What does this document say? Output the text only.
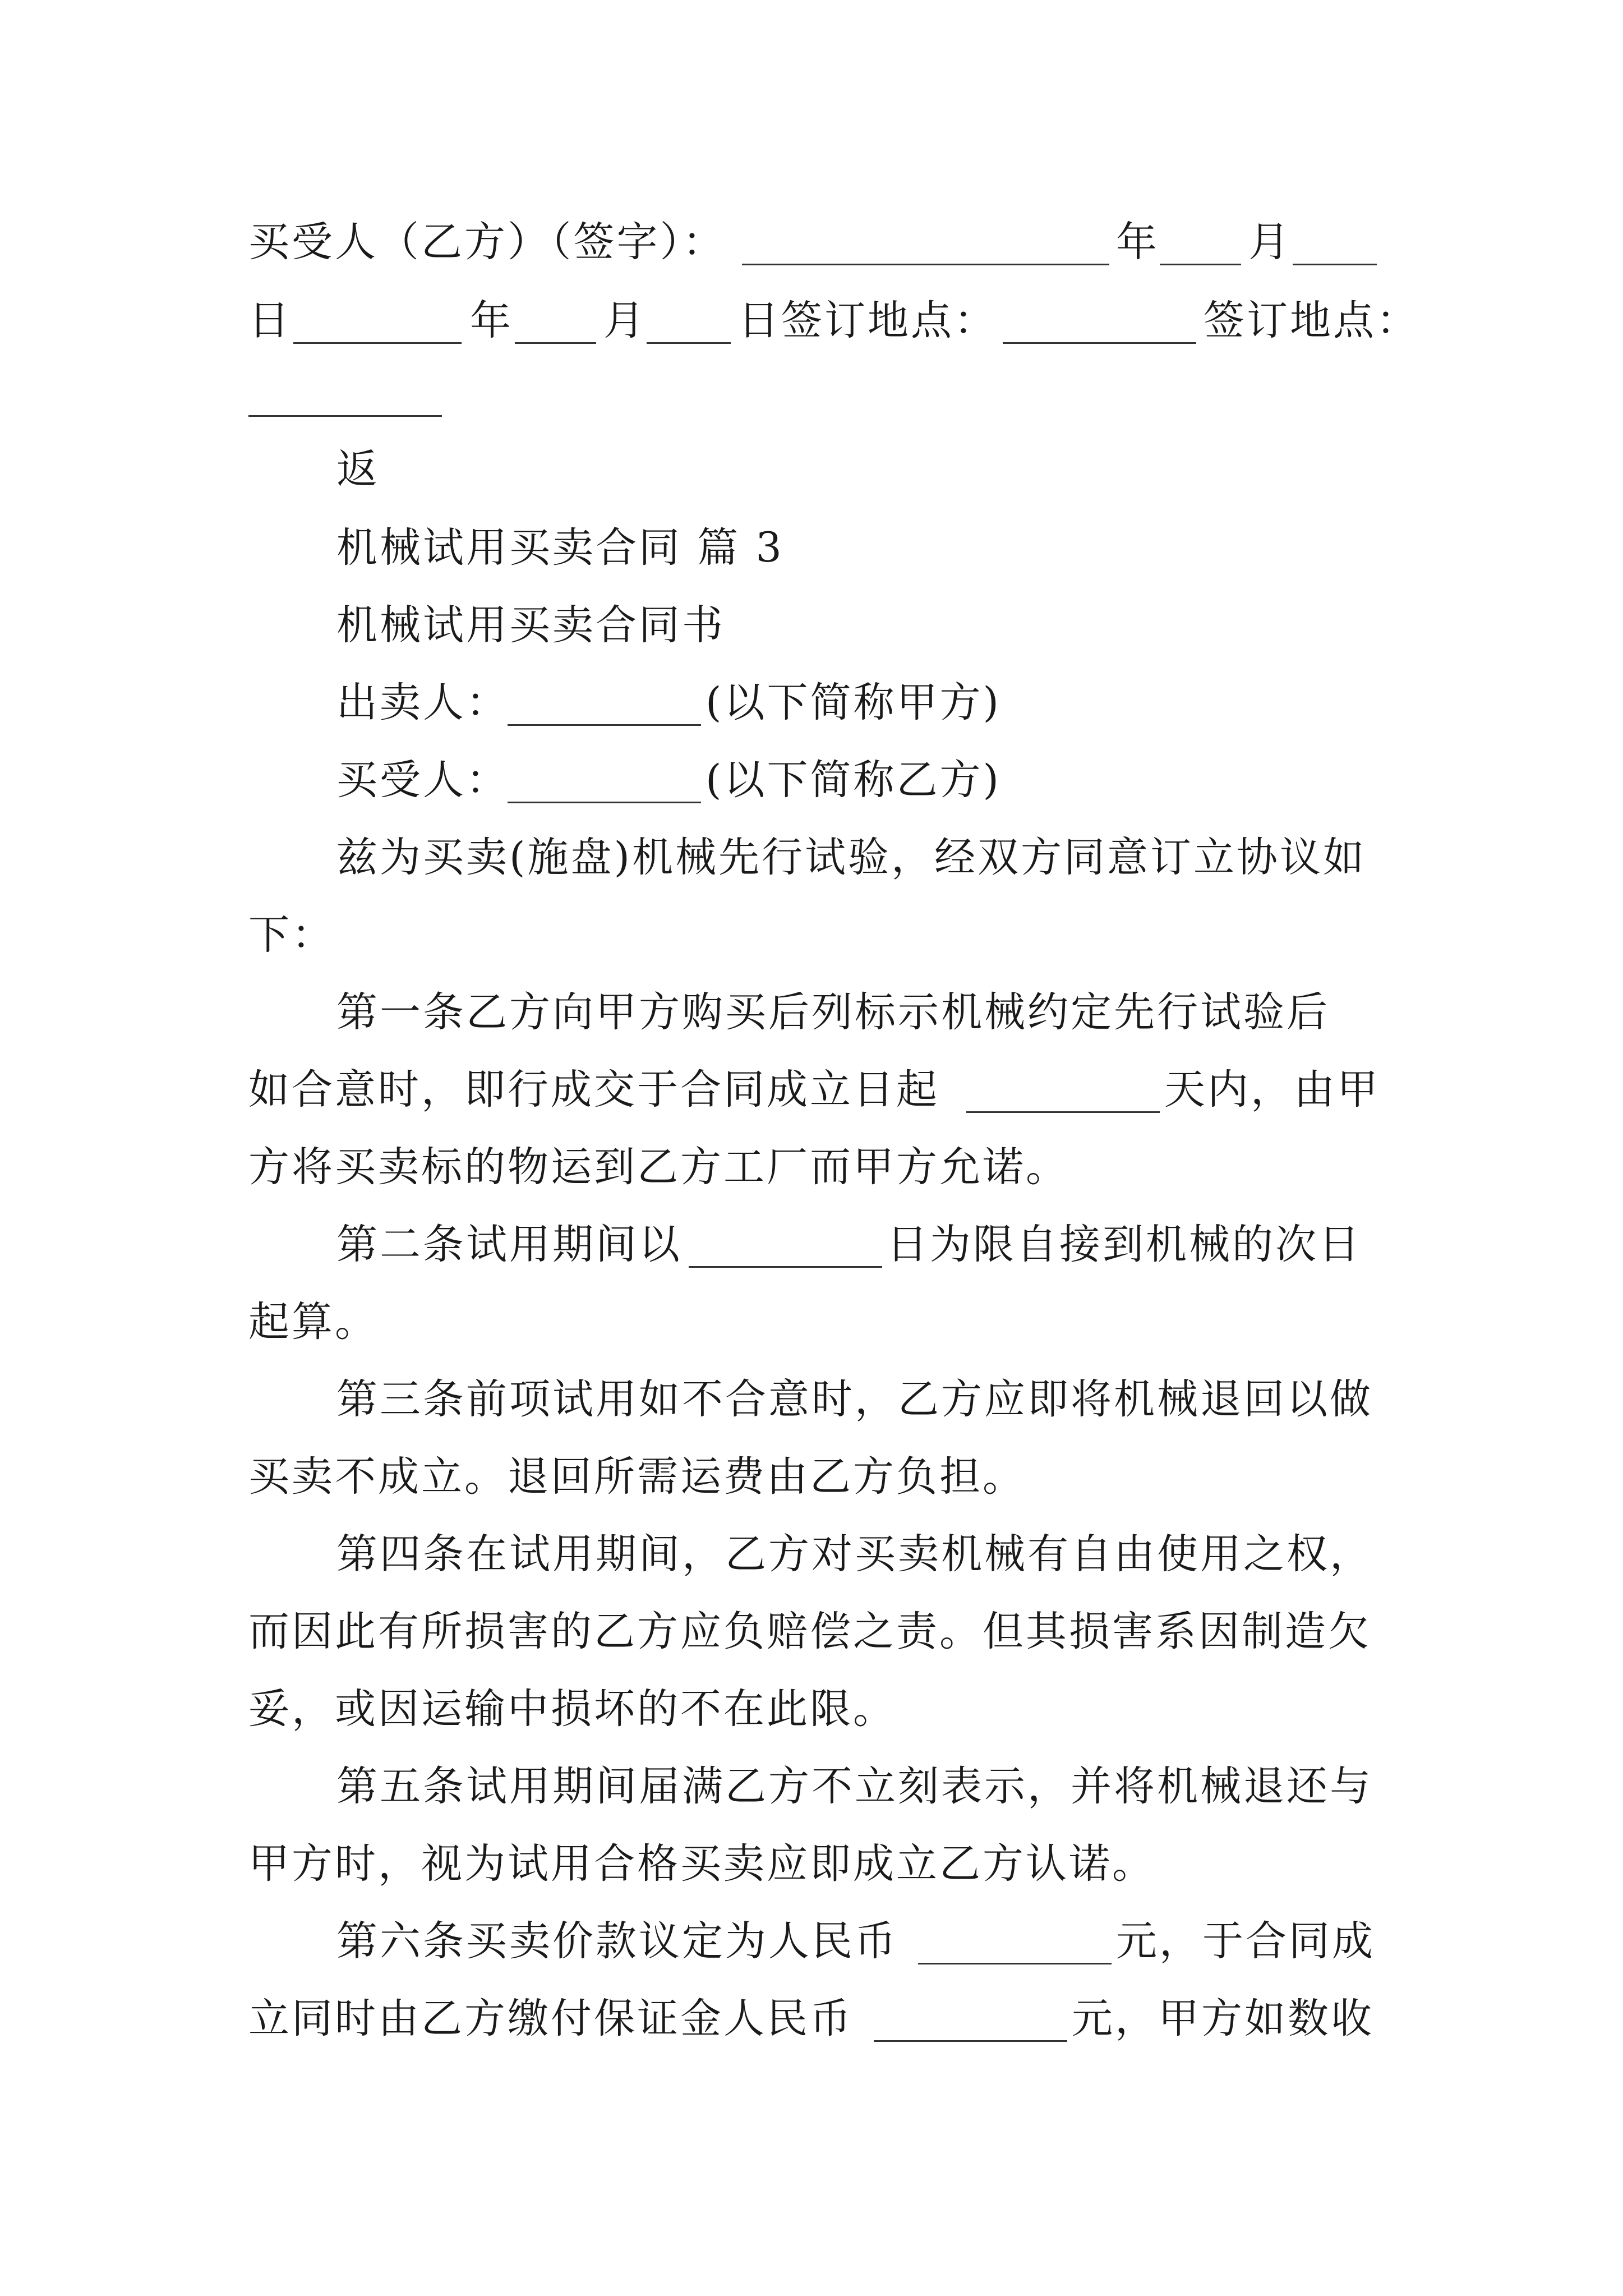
买受人（乙方）（签字）：	年 月
日	年 月 日签订地点：	签订地点：
返
机械试用买卖合同 篇 3
机械试用买卖合同书
出卖人：	(以下简称甲方)
买受人：	(以下简称乙方)
兹为买卖(施盘)机械先行试验，经双方同意订立协议如
下：
第一条乙方向甲方购买后列标示机械约定先行试验后
如合意时，即行成交于合同成立日起	天内，由甲
方将买卖标的物运到乙方工厂而甲方允诺。
第二条试用期间以	日为限自接到机械的次日
起算。
第三条前项试用如不合意时，乙方应即将机械退回以做
买卖不成立。退回所需运费由乙方负担。
第四条在试用期间，乙方对买卖机械有自由使用之权，
而因此有所损害的乙方应负赔偿之责。但其损害系因制造欠
妥，或因运输中损坏的不在此限。
第五条试用期间届满乙方不立刻表示，并将机械退还与
甲方时，视为试用合格买卖应即成立乙方认诺。
第六条买卖价款议定为人民币	元，于合同成
立同时由乙方缴付保证金人民币	元，甲方如数收
